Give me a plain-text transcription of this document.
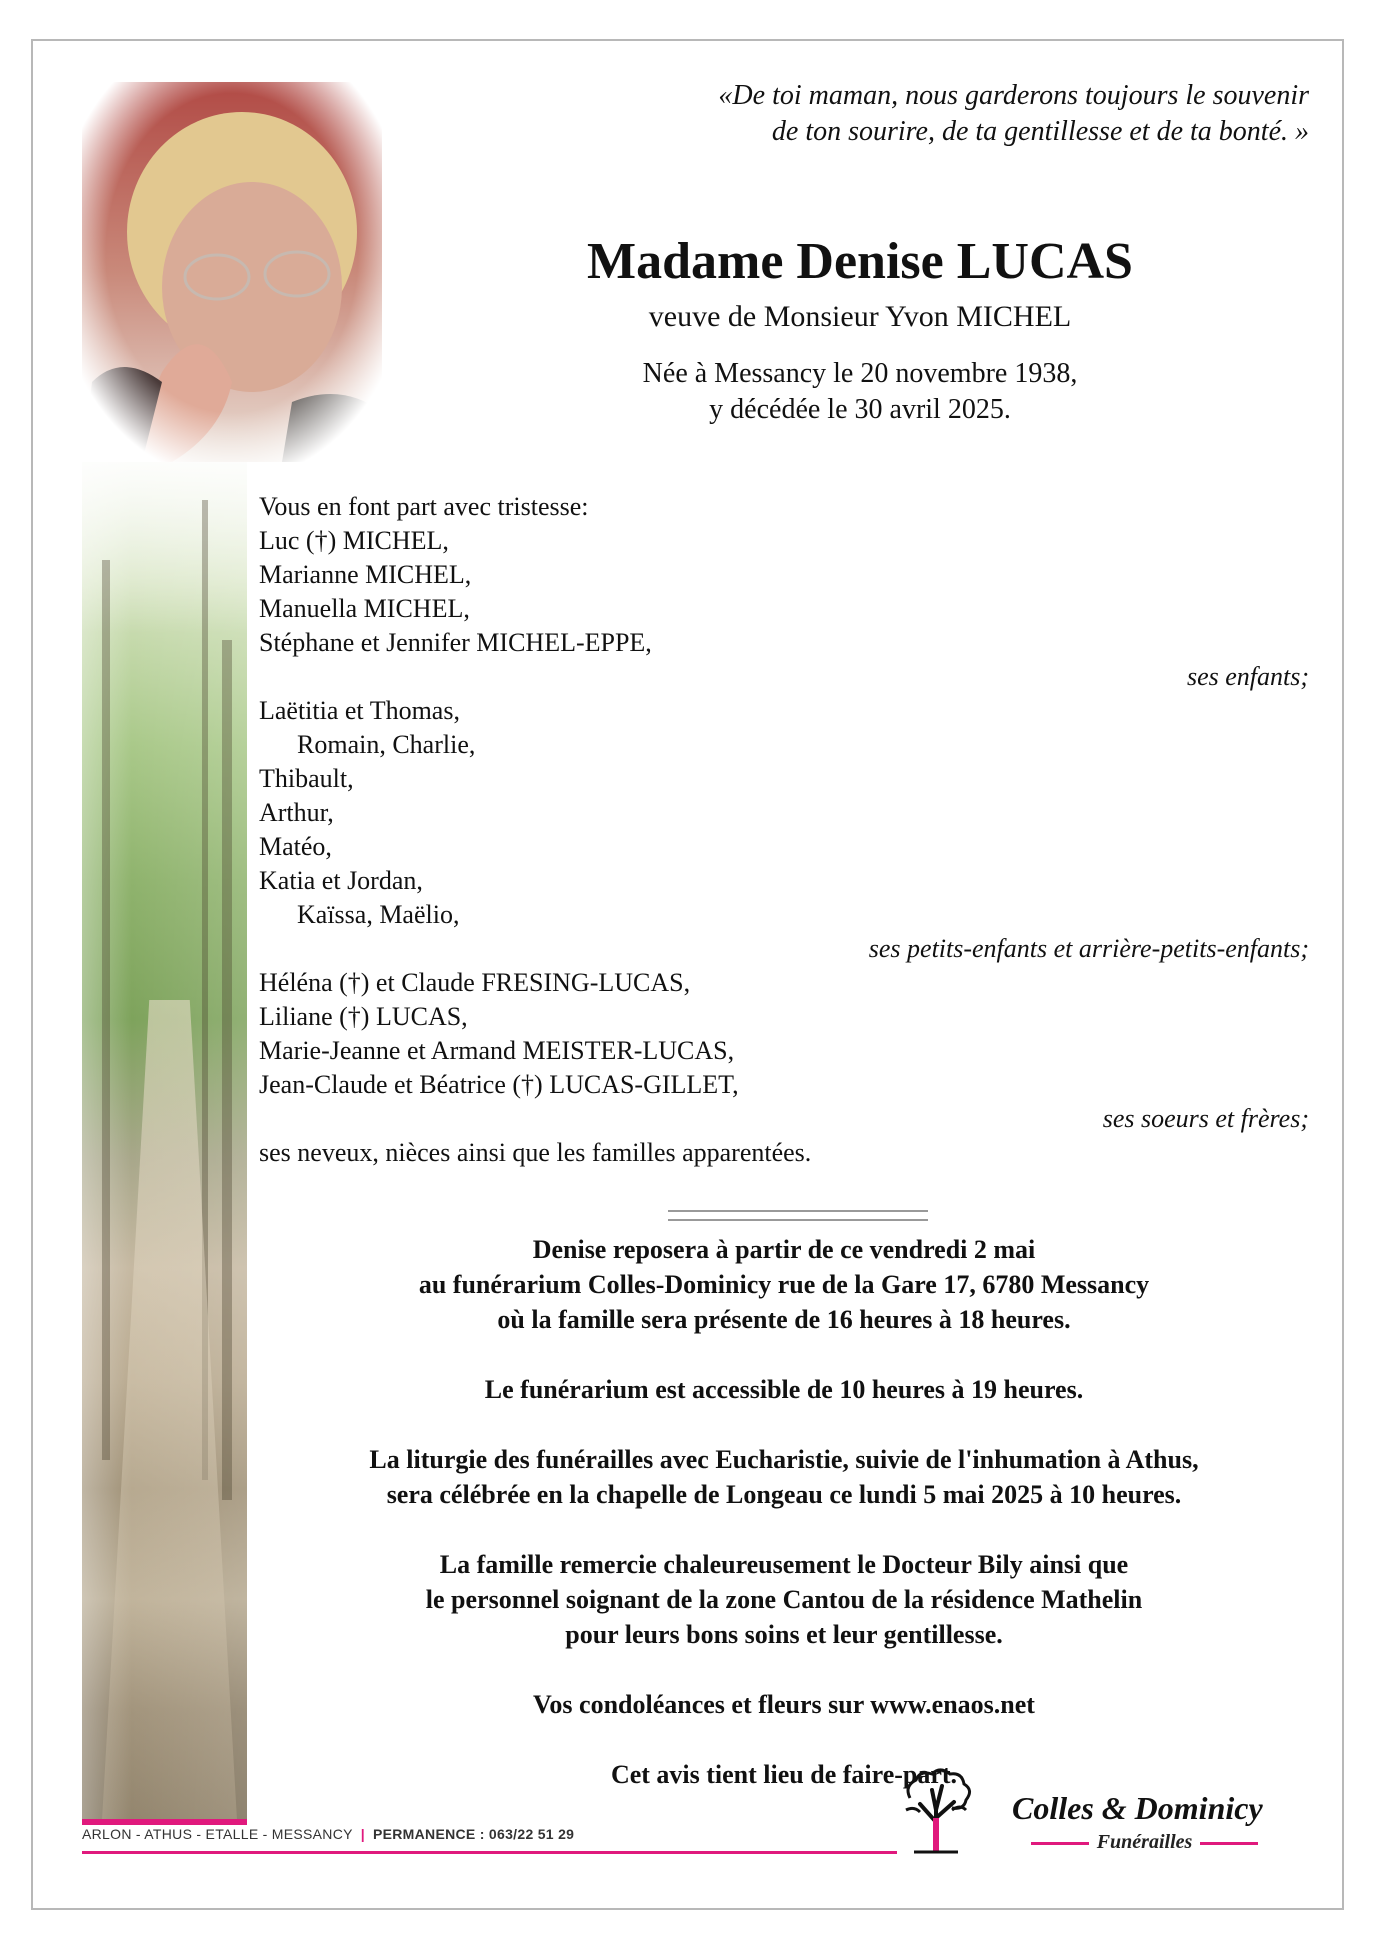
«De toi maman, nous garderons toujours le souvenir
de ton sourire, de ta gentillesse et de ta bonté. »
Madame Denise LUCAS
veuve de Monsieur Yvon MICHEL
Née à Messancy le 20 novembre 1938,
y décédée le 30 avril 2025.
Vous en font part avec tristesse:
Luc (†) MICHEL,
Marianne MICHEL,
Manuella MICHEL,
Stéphane et Jennifer MICHEL-EPPE,
ses enfants;
Laëtitia et Thomas,
Romain, Charlie,
Thibault,
Arthur,
Matéo,
Katia et Jordan,
Kaïssa, Maëlio,
ses petits-enfants et arrière-petits-enfants;
Héléna (†) et Claude FRESING-LUCAS,
Liliane (†) LUCAS,
Marie-Jeanne et Armand MEISTER-LUCAS,
Jean-Claude et Béatrice (†) LUCAS-GILLET,
ses soeurs et frères;
ses neveux, nièces ainsi que les familles apparentées.
Denise reposera à partir de ce vendredi 2 mai
au funérarium Colles-Dominicy rue de la Gare 17, 6780 Messancy
où la famille sera présente de 16 heures à 18 heures.
Le funérarium est accessible de 10 heures à 19 heures.
La liturgie des funérailles avec Eucharistie, suivie de l'inhumation à Athus,
sera célébrée en la chapelle de Longeau ce lundi 5 mai 2025 à 10 heures.
La famille remercie chaleureusement le Docteur Bily ainsi que
le personnel soignant de la zone Cantou de la résidence Mathelin
pour leurs bons soins et leur gentillesse.
Vos condoléances et fleurs sur www.enaos.net
Cet avis tient lieu de faire-part.
ARLON - ATHUS - ETALLE - MESSANCY | PERMANENCE : 063/22 51 29
Colles & Dominicy
Funérailles
